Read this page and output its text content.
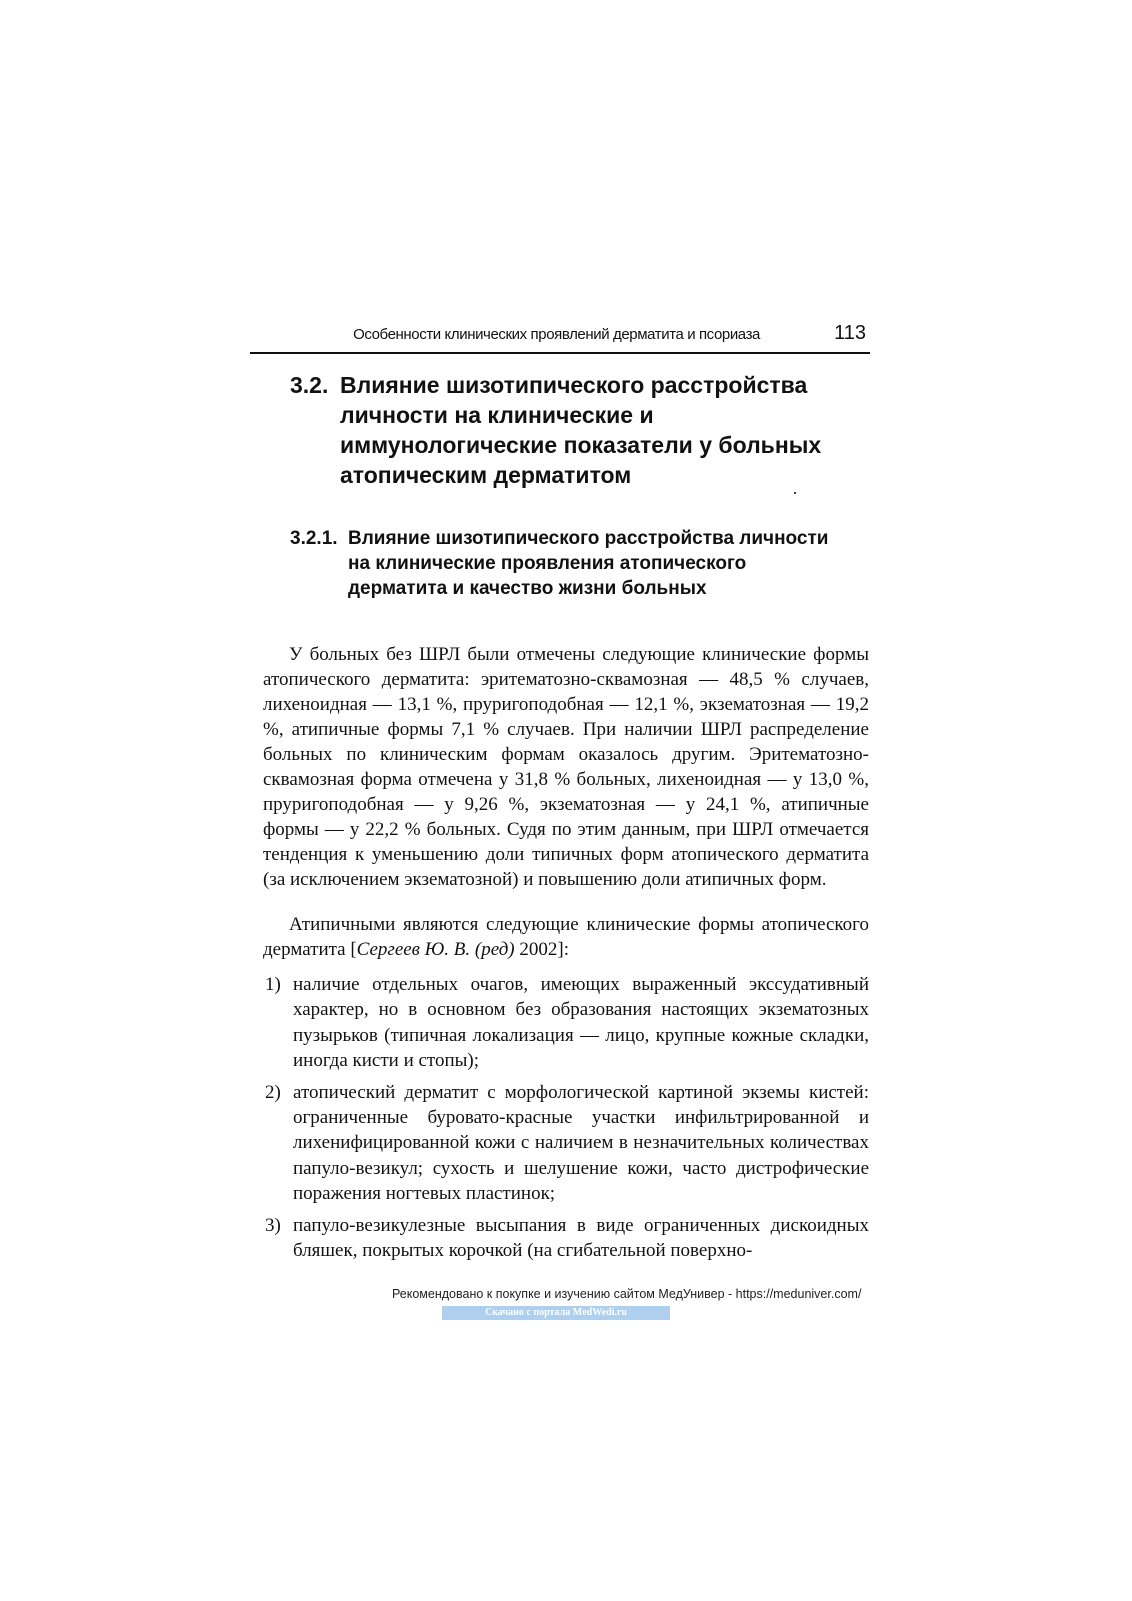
Особенности клинических проявлений дерматита и псориаза	113
3.2. Влияние шизотипического расстройства личности на клинические и иммунологические показатели у больных атопическим дерматитом
3.2.1. Влияние шизотипического расстройства личности на клинические проявления атопического дерматита и качество жизни больных

У больных без ШРЛ были отмечены следующие клинические формы атопического дерматита: эритематозно-сквамозная — 48,5 % случаев, лихеноидная — 13,1 %, пруригоподобная — 12,1 %, экзематозная — 19,2 %, атипичные формы 7,1 % случаев. При наличии ШРЛ распределение больных по клиническим формам оказалось другим. Эритематозно-сквамозная форма отмечена у 31,8 % больных, лихеноидная — у 13,0 %, пруригоподобная — у 9,26 %, экзематозная — у 24,1 %, атипичные формы — у 22,2 % больных. Судя по этим данным, при ШРЛ отмечается тенденция к уменьшению доли типичных форм атопического дерматита (за исключением экзематозной) и повышению доли атипичных форм.

Атипичными являются следующие клинические формы атопического дерматита [Сергеев Ю. В. (ред) 2002]:

1) наличие отдельных очагов, имеющих выраженный экссудативный характер, но в основном без образования настоящих экзематозных пузырьков (типичная локализация — лицо, крупные кожные складки, иногда кисти и стопы);
2) атопический дерматит с морфологической картиной экземы кистей: ограниченные буровато-красные участки инфильтрированной и лихенифицированной кожи с наличием в незначительных количествах папуло-везикул; сухость и шелушение кожи, часто дистрофические поражения ногтевых пластинок;
3) папуло-везикулезные высыпания в виде ограниченных дискоидных бляшек, покрытых корочкой (на сгибательной поверхно-
Рекомендовано к покупке и изучению сайтом МедУнивер - https://meduniver.com/
Скачано с портала MedWedi.ru
